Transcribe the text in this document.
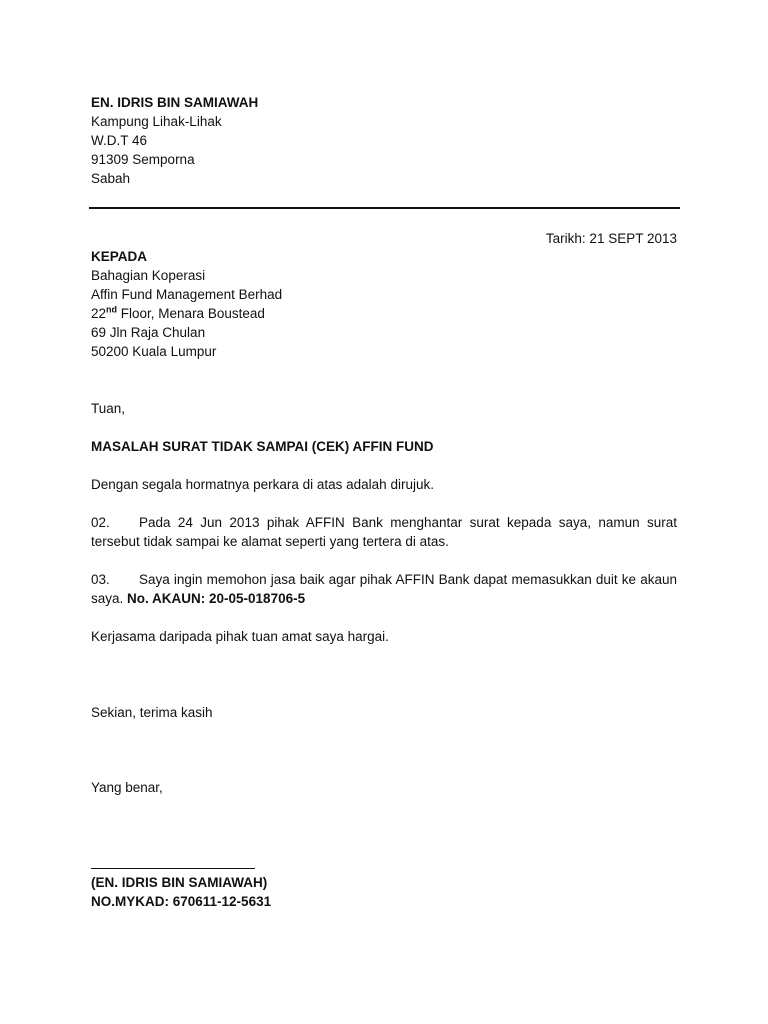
EN. IDRIS BIN SAMIAWAH
Kampung Lihak-Lihak
W.D.T 46
91309 Semporna
Sabah
Tarikh: 21 SEPT 2013
KEPADA
Bahagian Koperasi
Affin Fund Management Berhad
22nd Floor, Menara Boustead
69 Jln Raja Chulan
50200 Kuala Lumpur
Tuan,
MASALAH SURAT TIDAK SAMPAI (CEK) AFFIN FUND
Dengan segala hormatnya perkara di atas adalah dirujuk.
02. Pada 24 Jun 2013 pihak AFFIN Bank menghantar surat kepada saya, namun surat tersebut tidak sampai ke alamat seperti yang tertera di atas.
03. Saya ingin memohon jasa baik agar pihak AFFIN Bank dapat memasukkan duit ke akaun saya. No. AKAUN: 20-05-018706-5
Kerjasama daripada pihak tuan amat saya hargai.
Sekian, terima kasih
Yang benar,
(EN. IDRIS BIN SAMIAWAH)
NO.MYKAD: 670611-12-5631
